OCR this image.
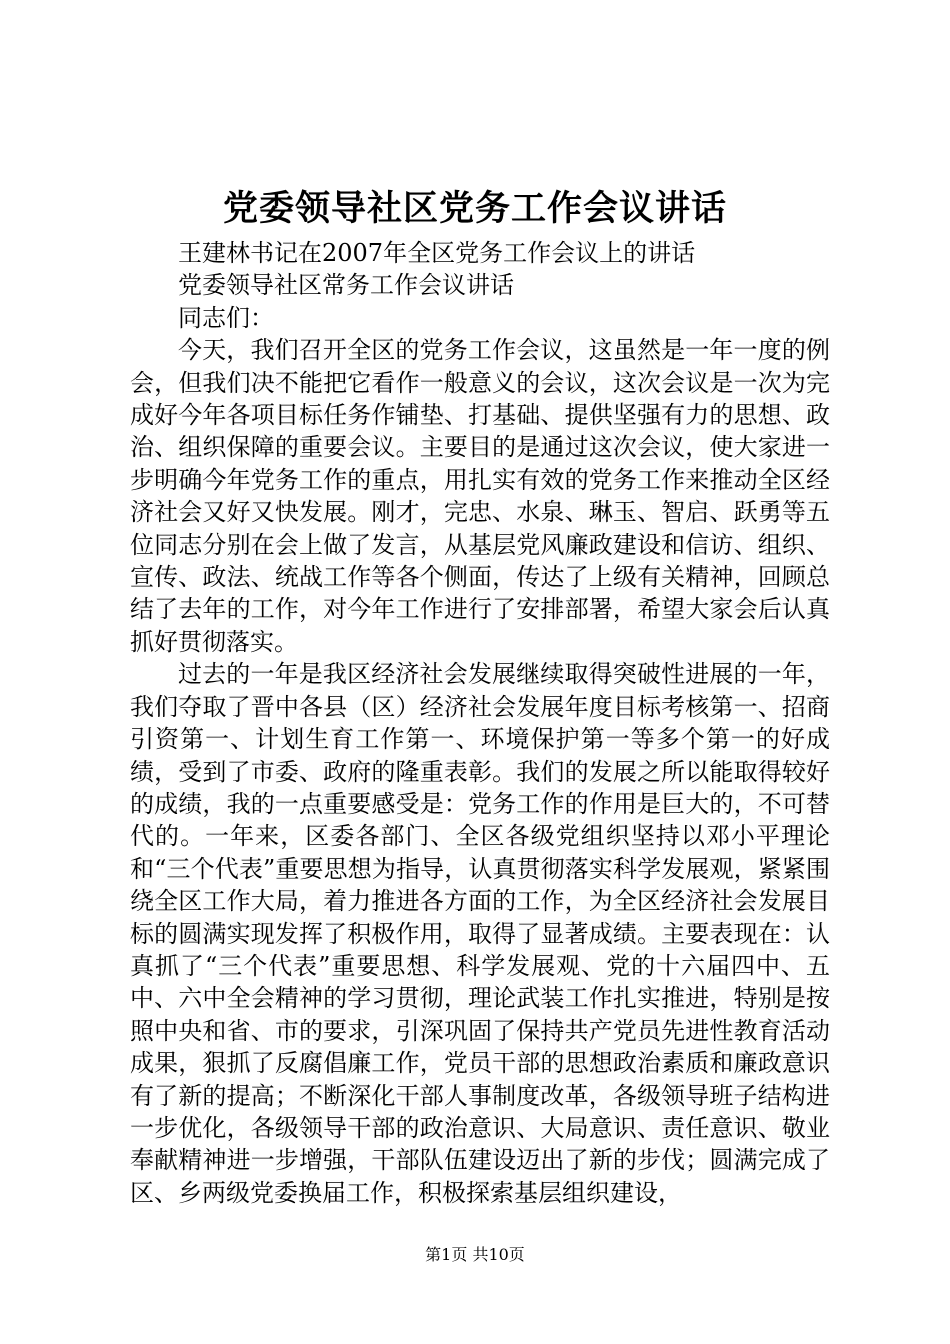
党委领导社区党务工作会议讲话

王建林书记在2007年全区党务工作会议上的讲话

党委领导社区常务工作会议讲话

同志们：

今天，我们召开全区的党务工作会议，这虽然是一年一度的例会，但我们决不能把它看作一般意义的会议，这次会议是一次为完成好今年各项目标任务作铺垫、打基础、提供坚强有力的思想、政治、组织保障的重要会议。主要目的是通过这次会议，使大家进一步明确今年党务工作的重点，用扎实有效的党务工作来推动全区经济社会又好又快发展。刚才，完忠、水泉、琳玉、智启、跃勇等五位同志分别在会上做了发言，从基层党风廉政建设和信访、组织、宣传、政法、统战工作等各个侧面，传达了上级有关精神，回顾总结了去年的工作，对今年工作进行了安排部署，希望大家会后认真抓好贯彻落实。

过去的一年是我区经济社会发展继续取得突破性进展的一年，我们夺取了晋中各县（区）经济社会发展年度目标考核第一、招商引资第一、计划生育工作第一、环境保护第一等多个第一的好成绩，受到了市委、政府的隆重表彰。我们的发展之所以能取得较好的成绩，我的一点重要感受是：党务工作的作用是巨大的，不可替代的。一年来，区委各部门、全区各级党组织坚持以邓小平理论和“三个代表”重要思想为指导，认真贯彻落实科学发展观，紧紧围绕全区工作大局，着力推进各方面的工作，为全区经济社会发展目标的圆满实现发挥了积极作用，取得了显著成绩。主要表现在：认真抓了“三个代表”重要思想、科学发展观、党的十六届四中、五中、六中全会精神的学习贯彻，理论武装工作扎实推进，特别是按照中央和省、市的要求，引深巩固了保持共产党员先进性教育活动成果，狠抓了反腐倡廉工作，党员干部的思想政治素质和廉政意识有了新的提高；不断深化干部人事制度改革，各级领导班子结构进一步优化，各级领导干部的政治意识、大局意识、责任意识、敬业奉献精神进一步增强，干部队伍建设迈出了新的步伐；圆满完成了区、乡两级党委换届工作，积极探索基层组织建设，

第1页 共10页
